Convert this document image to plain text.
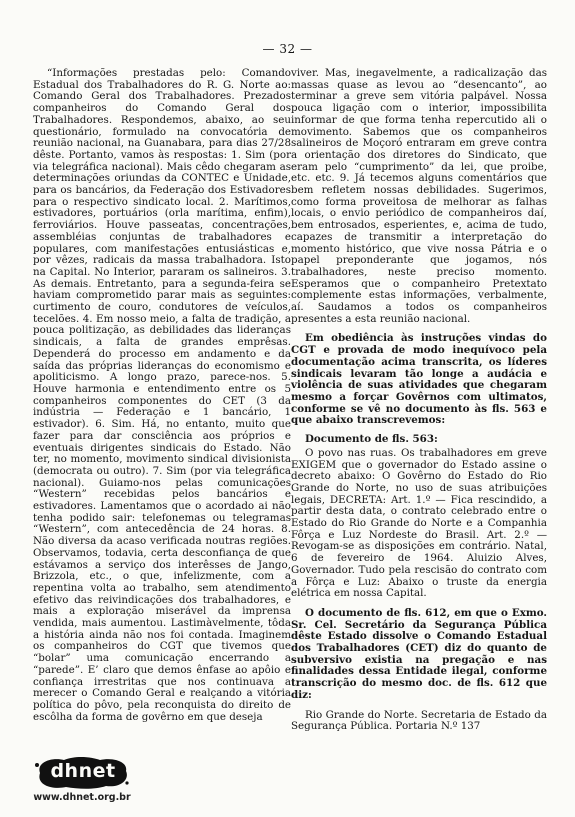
— 32 —

“Informações prestadas pelo: Comando Estadual dos Trabalhadores do R. G. Norte ao: Comando Geral dos Trabalhadores. Prezados companheiros do Comando Geral dos Trabalhadores. Respondemos, abaixo, ao seu questionário, formulado na convocatória de reunião nacional, na Guanabara, para dias 27/28 dêste. Portanto, vamos às respostas: 1. Sim (por via telegráfica nacional). Mais cêdo chegaram as determinações oriundas da CONTEC e Unidade, para os bancários, da Federação dos Estivadores para o respectivo sindicato local. 2. Marítimos, estivadores, portuários (orla marítima, enfim), ferroviários. Houve passeatas, concentrações, assembléias conjuntas de trabalhadores e populares, com manifestações entusiásticas e, por vêzes, radicais da massa trabalhadora. Isto na Capital. No Interior, pararam os salineiros. 3. As demais. Entretanto, para a segunda-feira se haviam comprometido parar mais as seguintes: curtimento de couro, condutores de veículos, tecelões. 4. Em nosso meio, a falta de tradição, a pouca politização, as debilidades das lideranças sindicais, a falta de grandes emprêsas. Dependerá do processo em andamento e da saída das próprias lideranças do economismo e apoliticismo. A longo prazo, parece-nos. 5. Houve harmonia e entendimento entre os 5 companheiros componentes do CET (3 da indústria — Federação e 1 bancário, 1 estivador). 6. Sim. Há, no entanto, muito que fazer para dar consciência aos próprios e eventuais dirigentes sindicais do Estado. Não ter, no momento, movimento sindical divisionista (democrata ou outro). 7. Sim (por via telegráfica nacional). Guiamo-nos pelas comunicações “Western” recebidas pelos bancários e estivadores. Lamentamos que o acordado ai não tenha podido sair: telefonemas ou telegramas “Western”, com antecedência de 24 horas. 8. Não diversa da acaso verificada noutras regiões. Observamos, todavia, certa desconfiança de que estávamos a serviço dos interêsses de Jango, Brizzola, etc., o que, infelizmente, com a repentina volta ao trabalho, sem atendimento efetivo das reivindicações dos trabalhadores, e mais a exploração miserável da imprensa vendida, mais aumentou. Lastimàvelmente, tôda a história ainda não nos foi contada. Imaginem os companheiros do CGT que tivemos que “bolar” uma comunicação encerrando a “parede”. E’ claro que demos ênfase ao apôio e confiança irrestritas que nos continuava a merecer o Comando Geral e realçando a vitória política do pôvo, pela reconquista do direito de escôlha da forma de govêrno em que deseja

viver. Mas, inegavelmente, a radicalização das massas quase as levou ao “desencanto”, ao terminar a greve sem vitória palpável. Nossa pouca ligação com o interior, impossibilita informar de que forma tenha repercutido ali o movimento. Sabemos que os companheiros salineiros de Moçoró entraram em greve contra a orientação dos diretores do Sindicato, que eram pelo “cumprimento” da lei, que proibe, etc. etc. 9. Já tecemos alguns comentários que bem refletem nossas debilidades. Sugerimos, como forma proveitosa de melhorar as falhas locais, o envio periódico de companheiros daí, bem entrosados, esperientes, e, acima de tudo, capazes de transmitir a interpretação do momento histórico, que vive nossa Pátria e o papel preponderante que jogamos, nós trabalhadores, neste preciso momento. Esperamos que o companheiro Pretextato complemente estas informações, verbalmente, aí. Saudamos a todos os companheiros presentes a esta reunião nacional.

Em obediência às instruções vindas do CGT e provada de modo inequívoco pela documentação acima transcrita, os líderes sindicais levaram tão longe a audácia e violência de suas atividades que chegaram mesmo a forçar Govêrnos com ultimatos, conforme se vê no documento às fls. 563 e que abaixo transcrevemos:

Documento de fls. 563:

O povo nas ruas. Os trabalhadores em greve EXIGEM que o governador do Estado assine o decreto abaixo: O Govêrno do Estado do Rio Grande do Norte, no uso de suas atribuições legais, DECRETA: Art. 1.º — Fica rescindido, a partir desta data, o contrato celebrado entre o Estado do Rio Grande do Norte e a Companhia Fôrça e Luz Nordeste do Brasil. Art. 2.º — Revogam-se as disposições em contrário. Natal, 6 de fevereiro de 1964. Aluizio Alves, Governador. Tudo pela rescisão do contrato com a Fôrça e Luz: Abaixo o truste da energia elétrica em nossa Capital.

O documento de fls. 612, em que o Exmo. Sr. Cel. Secretário da Segurança Pública dêste Estado dissolve o Comando Estadual dos Trabalhadores (CET) diz do quanto de subversivo existia na pregação e nas finalidades dessa Entidade ilegal, conforme transcrição do mesmo doc. de fls. 612 que diz:

Rio Grande do Norte. Secretaria de Estado da Segurança Pública. Portaria N.º 137

dhnet
www.dhnet.org.br
